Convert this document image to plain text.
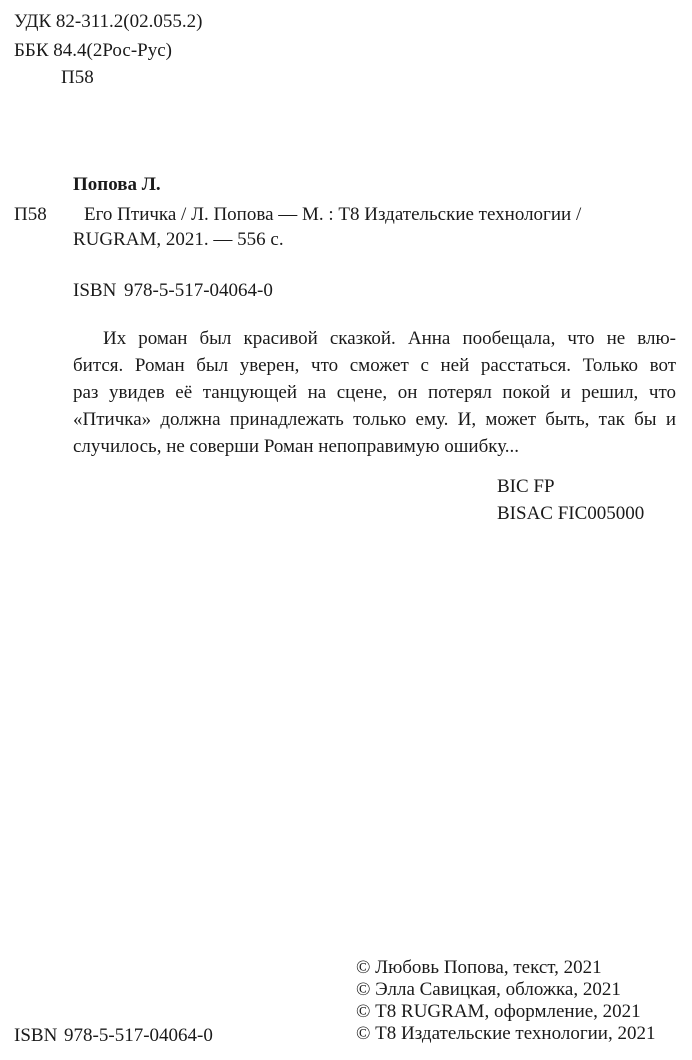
УДК 82-311.2(02.055.2)
ББК 84.4(2Рос-Рус)
П58
Попова Л.
П58 Его Птичка / Л. Попова — М. : Т8 Издательские технологии /
RUGRAM, 2021. — 556 с.
ISBN 978-5-517-04064-0
Их роман был красивой сказкой. Анна пообещала, что не влю-
бится. Роман был уверен, что сможет с ней расстаться. Только вот
раз увидев её танцующей на сцене, он потерял покой и решил, что
«Птичка» должна принадлежать только ему. И, может быть, так бы и
случилось, не соверши Роман непоправимую ошибку...
BIC FP
BISAC FIC005000
ISBN 978-5-517-04064-0
© Любовь Попова, текст, 2021
© Элла Савицкая, обложка, 2021
© Т8 RUGRAM, оформление, 2021
© Т8 Издательские технологии, 2021
